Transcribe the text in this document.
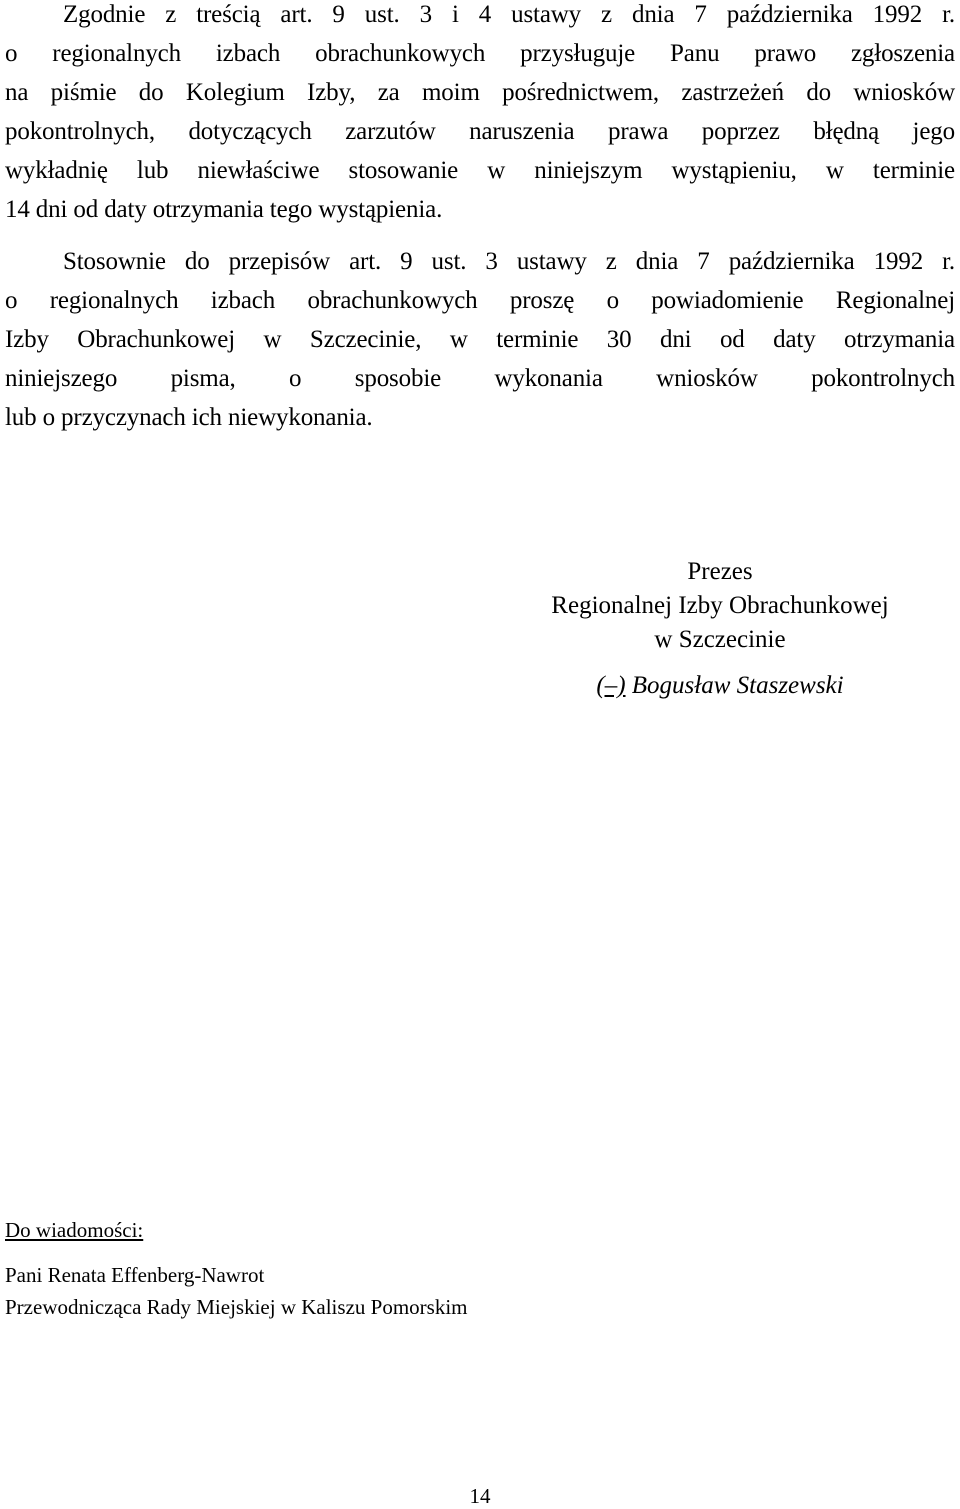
Zgodnie z treścią art. 9 ust. 3 i 4 ustawy z dnia 7 października 1992 r.
o regionalnych izbach obrachunkowych przysługuje Panu prawo zgłoszenia
na piśmie do Kolegium Izby, za moim pośrednictwem, zastrzeżeń do wniosków
pokontrolnych, dotyczących zarzutów naruszenia prawa poprzez błędną jego
wykładnię lub niewłaściwe stosowanie w niniejszym wystąpieniu, w terminie
14 dni od daty otrzymania tego wystąpienia.
Stosownie do przepisów art. 9 ust. 3 ustawy z dnia 7 października 1992 r.
o regionalnych izbach obrachunkowych proszę o powiadomienie Regionalnej
Izby Obrachunkowej w Szczecinie, w terminie 30 dni od daty otrzymania
niniejszego pisma, o sposobie wykonania wniosków pokontrolnych
lub o przyczynach ich niewykonania.
Prezes
Regionalnej Izby Obrachunkowej
w Szczecinie
(–) Bogusław Staszewski
Do wiadomości:
Pani Renata Effenberg-Nawrot
Przewodnicząca Rady Miejskiej w Kaliszu Pomorskim
14
